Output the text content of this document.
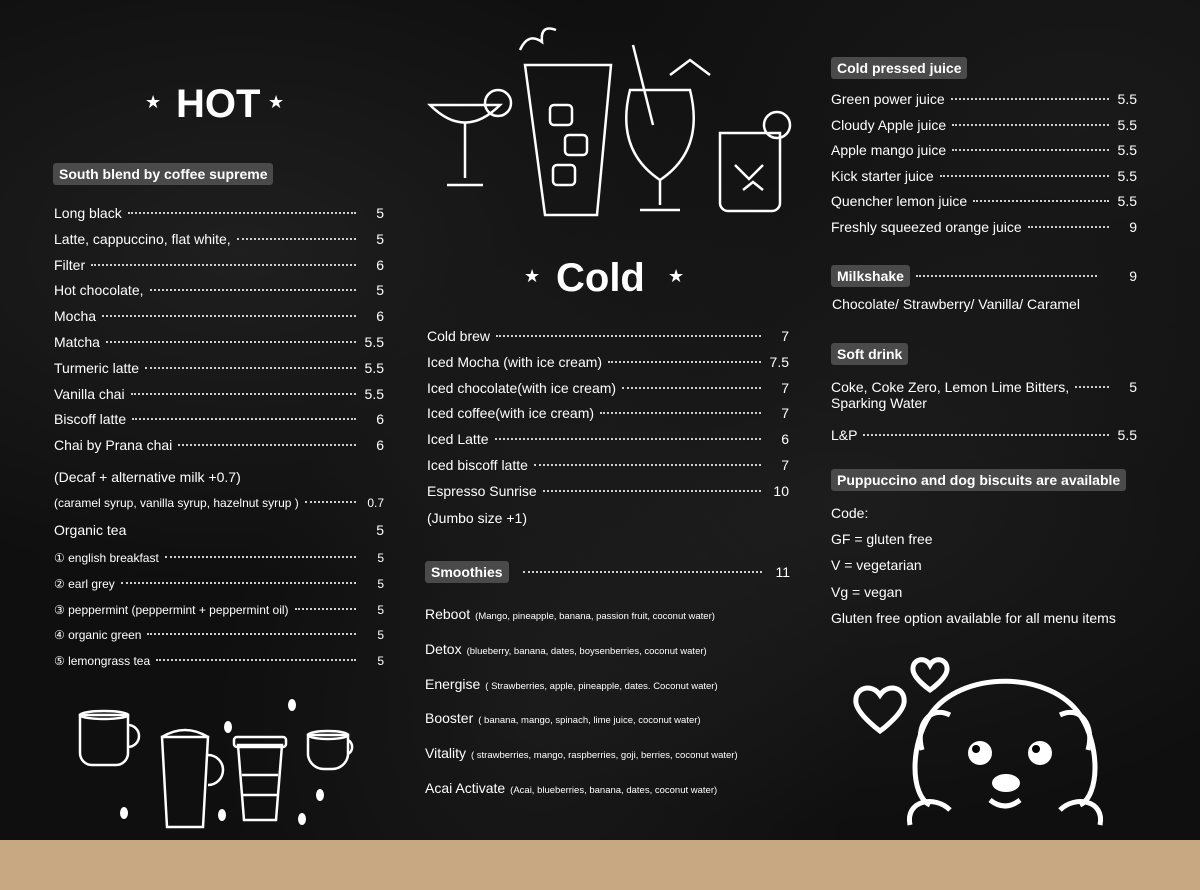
★ HOT ★
South blend by coffee supreme
Long black	5
Latte, cappuccino, flat white,	5
Filter	6
Hot chocolate,	5
Mocha	6
Matcha	5.5
Turmeric latte	5.5
Vanilla chai	5.5
Biscoff latte	6
Chai by Prana chai	6
(Decaf + alternative milk +0.7)
(caramel syrup, vanilla syrup, hazelnut syrup )	0.7
Organic tea	5
① english breakfast	5
② earl grey	5
③ peppermint (peppermint + peppermint oil)	5
④ organic green	5
⑤ lemongrass tea	5
★ Cold ★
Cold brew	7
Iced Mocha (with ice cream)	7.5
Iced chocolate(with ice cream)	7
Iced coffee(with ice cream)	7
Iced Latte	6
Iced biscoff latte	7
Espresso Sunrise	10
(Jumbo size +1)
Smoothies	11
Reboot (Mango, pineapple, banana, passion fruit, coconut water)
Detox (blueberry, banana, dates, boysenberries, coconut water)
Energise ( Strawberries, apple, pineapple, dates. Coconut water)
Booster ( banana, mango, spinach, lime juice, coconut water)
Vitality ( strawberries, mango, raspberries, goji, berries, coconut water)
Acai Activate (Acai, blueberries, banana, dates, coconut water)
Cold pressed juice
Green power juice	5.5
Cloudy Apple juice	5.5
Apple mango juice	5.5
Kick starter juice	5.5
Quencher lemon juice	5.5
Freshly squeezed orange juice	9
Milkshake	9
Chocolate/ Strawberry/ Vanilla/ Caramel
Soft drink
Coke, Coke Zero, Lemon Lime Bitters,	5
Sparking Water
L&P	5.5
Puppuccino and dog biscuits are available
Code:
GF = gluten free
V = vegetarian
Vg = vegan
Gluten free option available for all menu items
